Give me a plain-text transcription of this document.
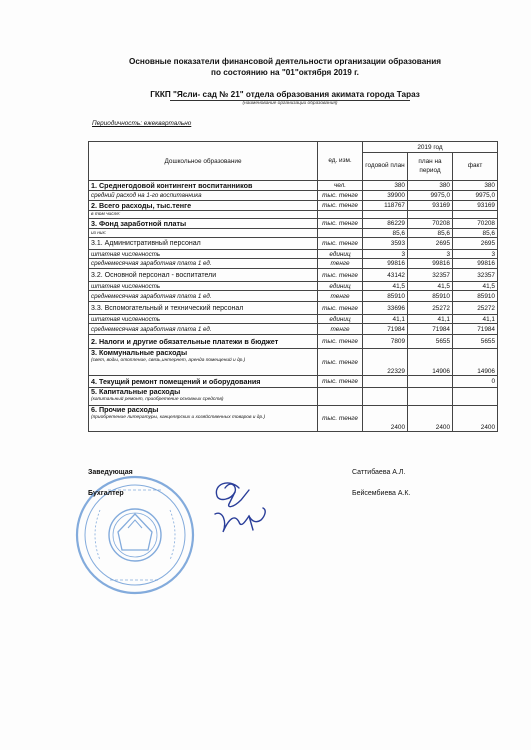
Основные показатели финансовой деятельности организации образования
по состоянию на "01"октября 2019 г.
ГККП "Ясли- сад № 21" отдела образования акимата города Тараз
(наименование организации образования)
Периодичность: ежеквартально
Дошкольное образование	ед. изм.	2019 год		
		годовой план	план на период	факт
1. Среднегодовой контингент воспитанников	чел.	380	380	380
средний расход на 1-го воспитанника	тыс. тенге	39900	9975,0	9975,0
2. Всего расходы, тыс.тенге	тыс. тенге	118767	93169	93169
в том числе:				
3. Фонд заработной платы	тыс. тенге	86229	70208	70208
из них:		85,6	85,6	85,6
3.1. Административный персонал	тыс. тенге	3593	2695	2695
штатная численность	единиц	3	3	3
среднемесячная заработная плата 1 ед.	тенге	99816	99816	99816
3.2. Основной персонал - воспитатели	тыс. тенге	43142	32357	32357
штатная численность	единиц	41,5	41,5	41,5
среднемесячная заработная плата 1 ед.	тенге	85910	85910	85910
3.3. Вспомогательный и технический персонал	тыс. тенге	33696	25272	25272
штатная численность	единиц	41,1	41,1	41,1
среднемесячная заработная плата 1 ед.	тенге	71984	71984	71984
2. Налоги и другие обязательные платежи в бюджет	тыс. тенге	7809	5655	5655

3. Коммунальные расходы
(свет, воды, отопление, связь,интернет, аренда помещений и др.)	тыс. тенге	22329	14906	14906
4. Текущий ремонт помещений и оборудования	тыс. тенге			0

5. Капитальные расходы
(капитальный ремонт, приобретение основных средств)				

6. Прочие расходы
(приобретение литературы, канцелярских и хозяйственных товаров и др.)	тыс. тенге	2400	2400	2400
Заведующая	Саттибаева А.Л.
Бухгалтер	Бейсембиева А.К.
